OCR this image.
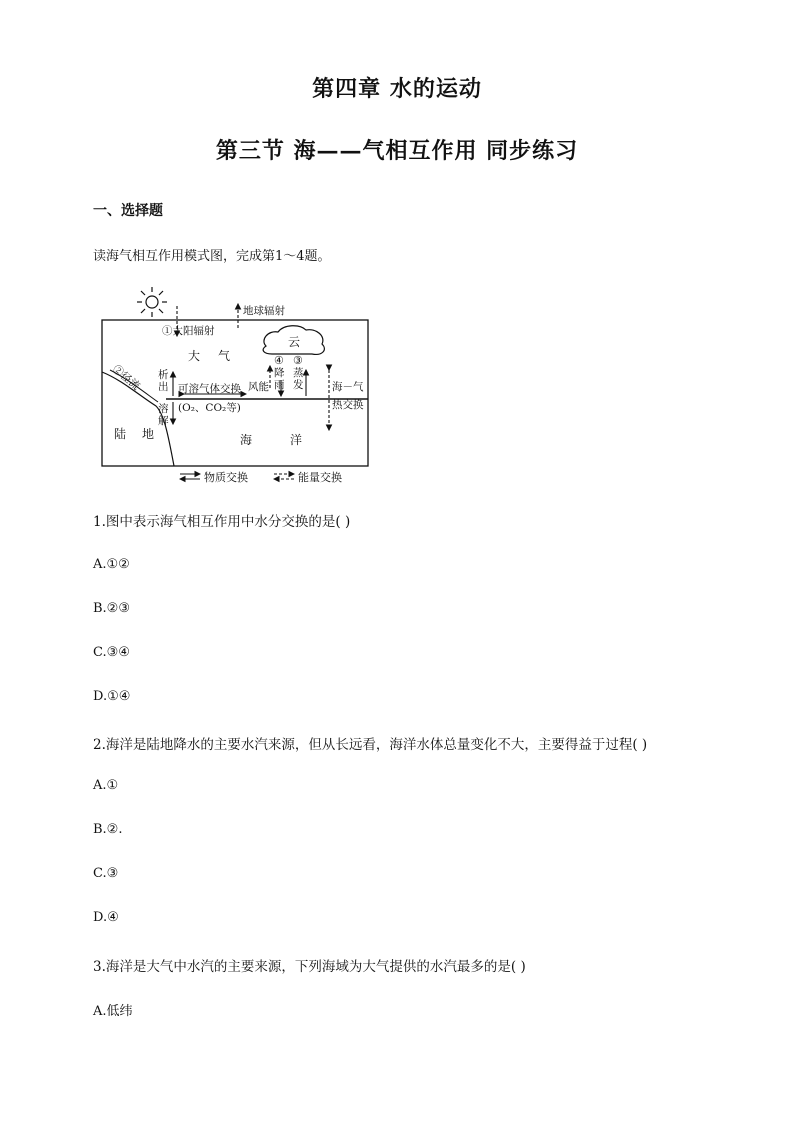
第四章 水的运动
第三节 海——气相互作用 同步练习
一、选择题
读海气相互作用模式图，完成第1～4题。
①太阳辐射
地球辐射
云
大 气
②径流 析
出
溶
解
可溶气体交换
(O₂、CO₂等)
风能
④ ③
降
雨
蒸
发	海－气
热交换
陆 地	海	洋
物质交换	能量交换
1.图中表示海气相互作用中水分交换的是( )
A.①②
B.②③
C.③④
D.①④
2.海洋是陆地降水的主要水汽来源，但从长远看，海洋水体总量变化不大，主要得益于过程( )
A.①
B.②.
C.③
D.④
3.海洋是大气中水汽的主要来源，下列海域为大气提供的水汽最多的是( )
A.低纬
